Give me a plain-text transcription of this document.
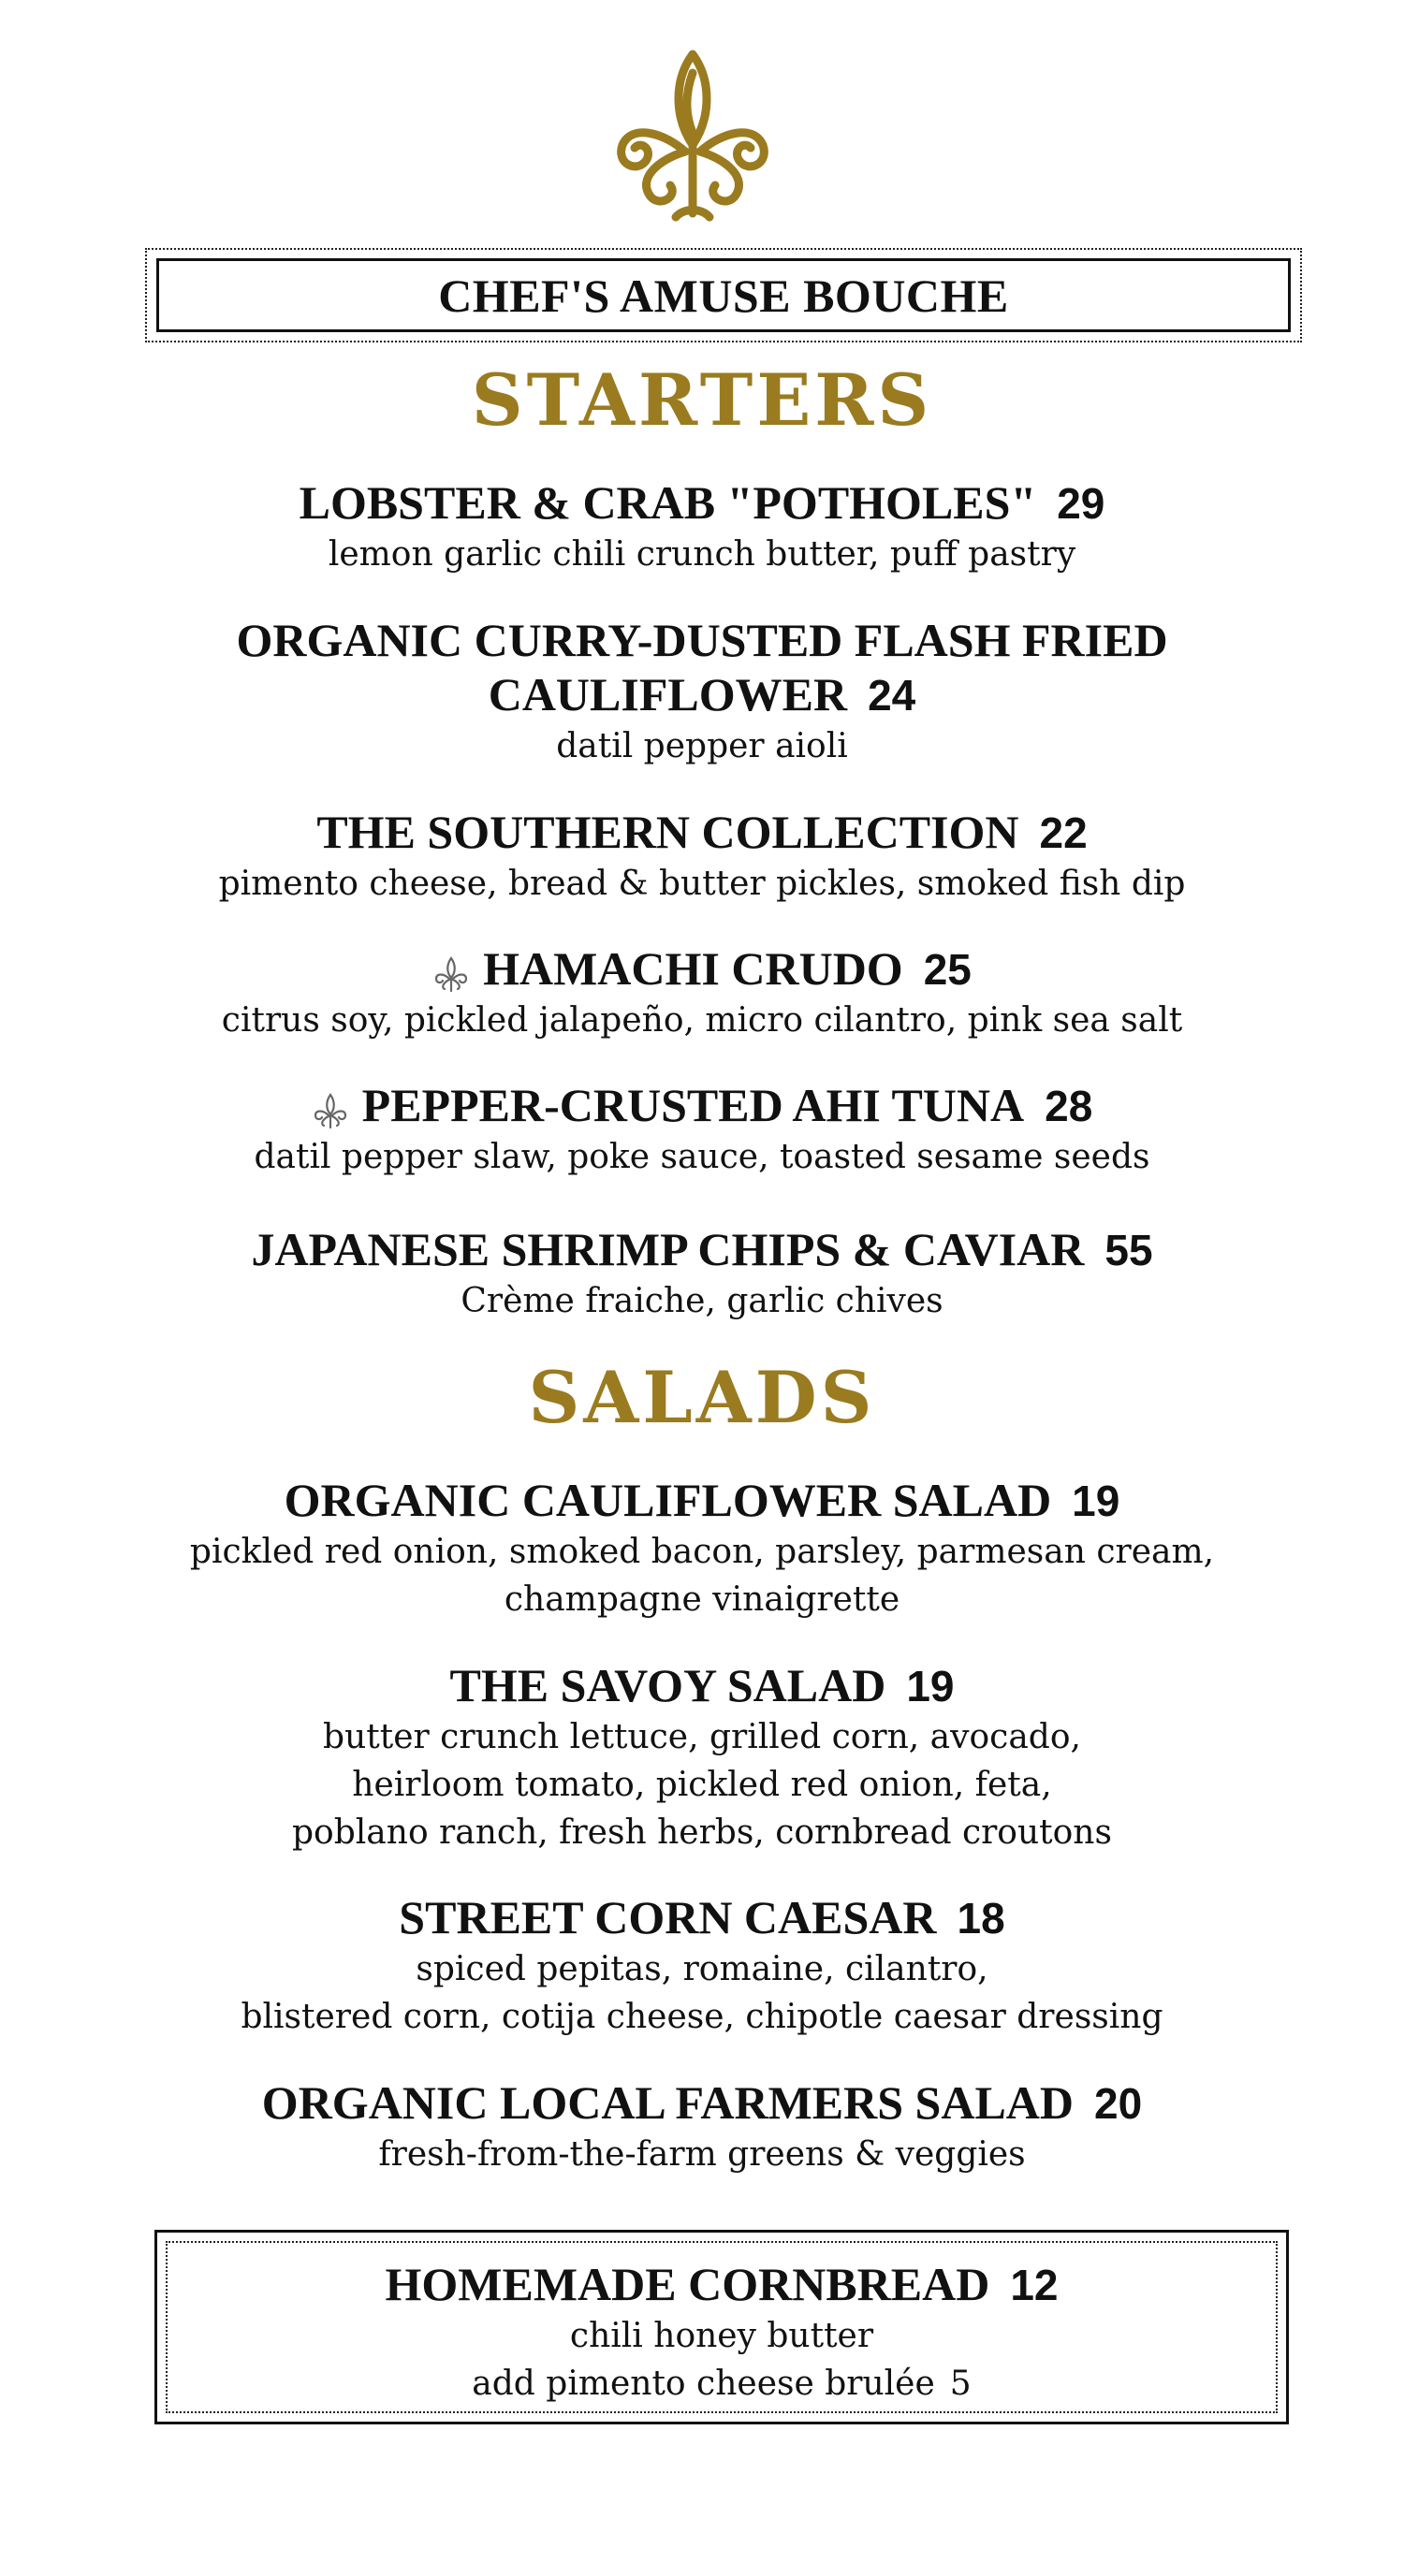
CHEF'S AMUSE BOUCHE
STARTERS
LOBSTER & CRAB "POTHOLES" 29
lemon garlic chili crunch butter, puff pastry
ORGANIC CURRY-DUSTED FLASH FRIED
CAULIFLOWER 24
datil pepper aioli
THE SOUTHERN COLLECTION 22
pimento cheese, bread & butter pickles, smoked fish dip
HAMACHI CRUDO 25
citrus soy, pickled jalapeño, micro cilantro, pink sea salt
PEPPER-CRUSTED AHI TUNA 28
datil pepper slaw, poke sauce, toasted sesame seeds
JAPANESE SHRIMP CHIPS & CAVIAR 55
Crème fraiche, garlic chives
SALADS
ORGANIC CAULIFLOWER SALAD 19
pickled red onion, smoked bacon, parsley, parmesan cream,
champagne vinaigrette
THE SAVOY SALAD 19
butter crunch lettuce, grilled corn, avocado,
heirloom tomato, pickled red onion, feta,
poblano ranch, fresh herbs, cornbread croutons
STREET CORN CAESAR 18
spiced pepitas, romaine, cilantro,
blistered corn, cotija cheese, chipotle caesar dressing
ORGANIC LOCAL FARMERS SALAD 20
fresh-from-the-farm greens & veggies
HOMEMADE CORNBREAD 12
chili honey butter
add pimento cheese brulée 5
